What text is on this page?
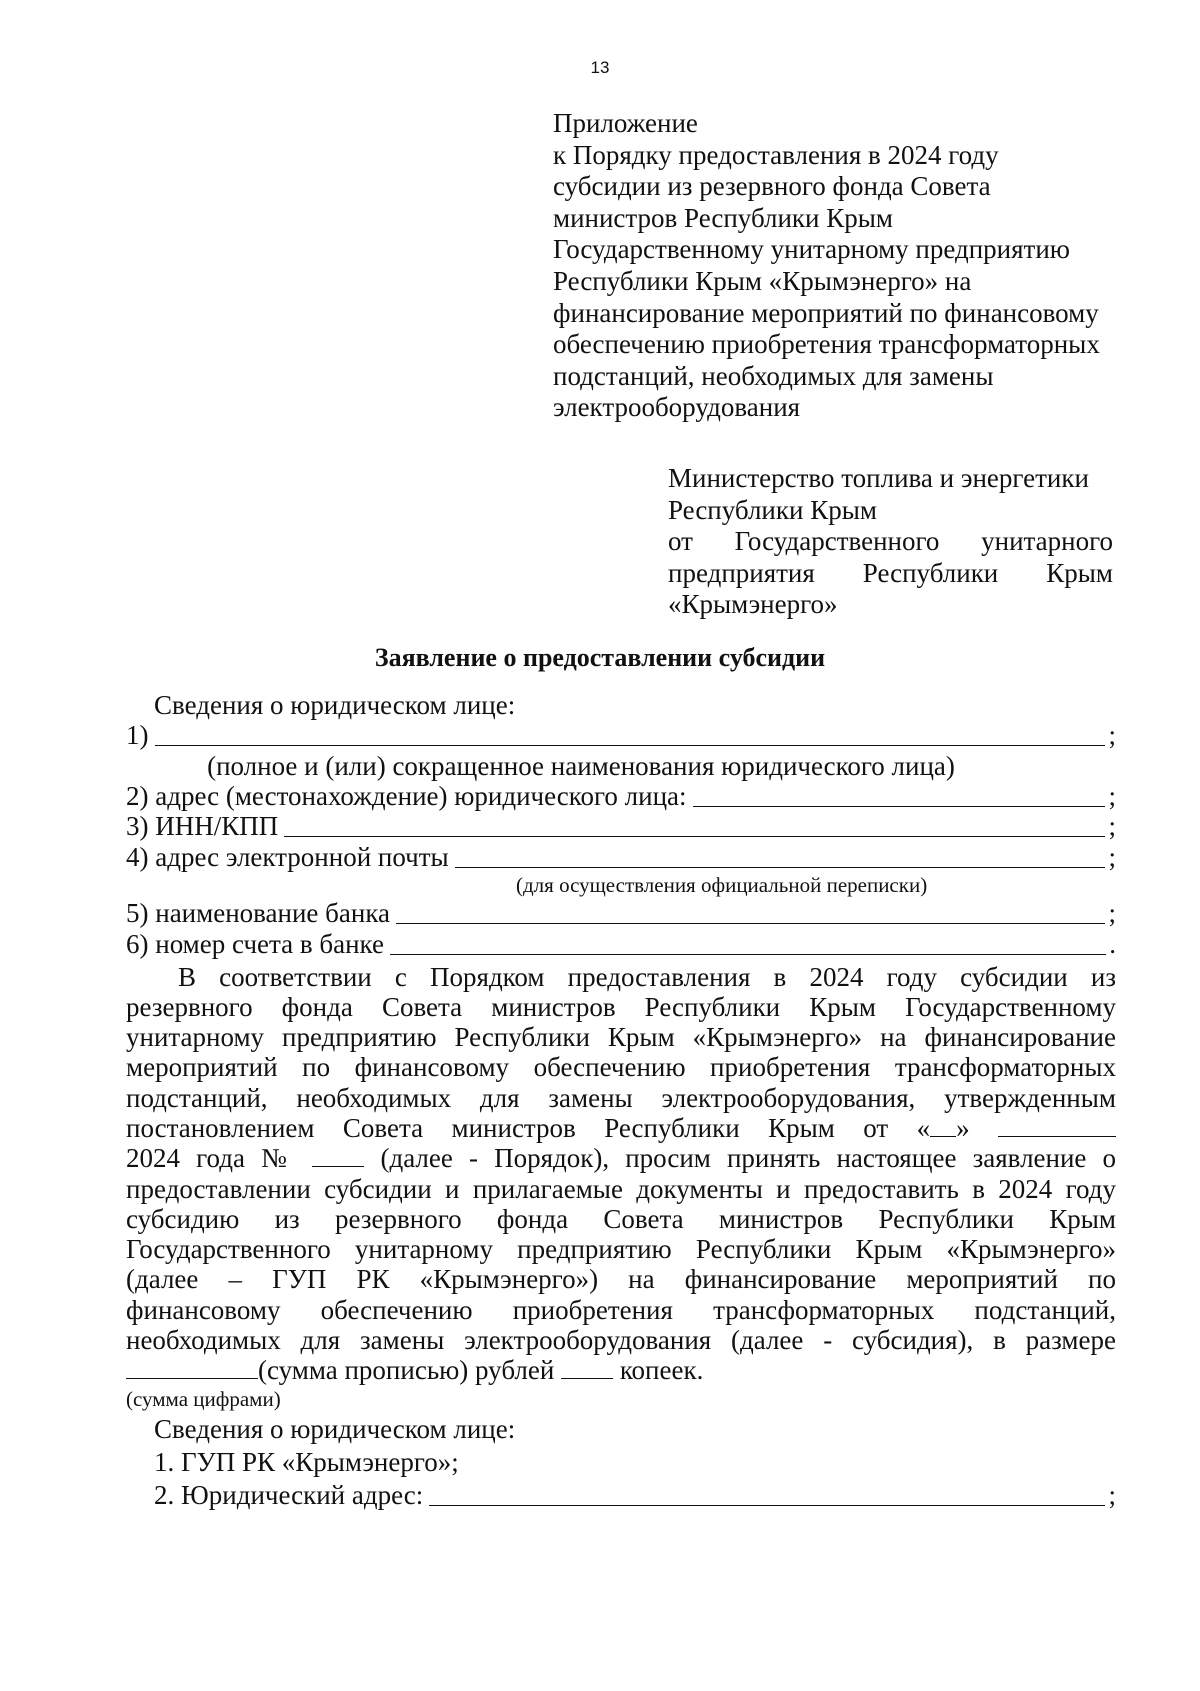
13
Приложение
к Порядку предоставления в 2024 году
субсидии из резервного фонда Совета
министров Республики Крым
Государственному унитарному предприятию
Республики Крым «Крымэнерго» на
финансирование мероприятий по финансовому
обеспечению приобретения трансформаторных
подстанций, необходимых для замены
электрооборудования
Министерство топлива и энергетики
Республики Крым
от Государственного унитарного
предприятия Республики Крым
«Крымэнерго»
Заявление о предоставлении субсидии
Сведения о юридическом лице:
1)	;
(полное и (или) сокращенное наименования юридического лица)
2) адрес (местонахождение) юридического лица:	;
3) ИНН/КПП	;
4) адрес электронной почты	;
(для осуществления официальной переписки)
5) наименование банка	;
6) номер счета в банке	.
В соответствии с Порядком предоставления в 2024 году субсидии из
резервного фонда Совета министров Республики Крым Государственному
унитарному предприятию Республики Крым «Крымэнерго» на финансирование
мероприятий по финансовому обеспечению приобретения трансформаторных
подстанций, необходимых для замены электрооборудования, утвержденным
постановлением Совета министров Республики Крым от « »
2024 года №	(далее - Порядок), просим принять настоящее заявление о
предоставлении субсидии и прилагаемые документы и предоставить в 2024 году
субсидию из резервного фонда Совета министров Республики Крым
Государственного унитарному предприятию Республики Крым «Крымэнерго»
(далее – ГУП РК «Крымэнерго») на финансирование мероприятий по
финансовому обеспечению приобретения трансформаторных подстанций,
необходимых для замены электрооборудования (далее - субсидия), в размере
(сумма прописью) рублей копеек.
(сумма цифрами)
Сведения о юридическом лице:
1. ГУП РК «Крымэнерго»;
2. Юридический адрес:	;
